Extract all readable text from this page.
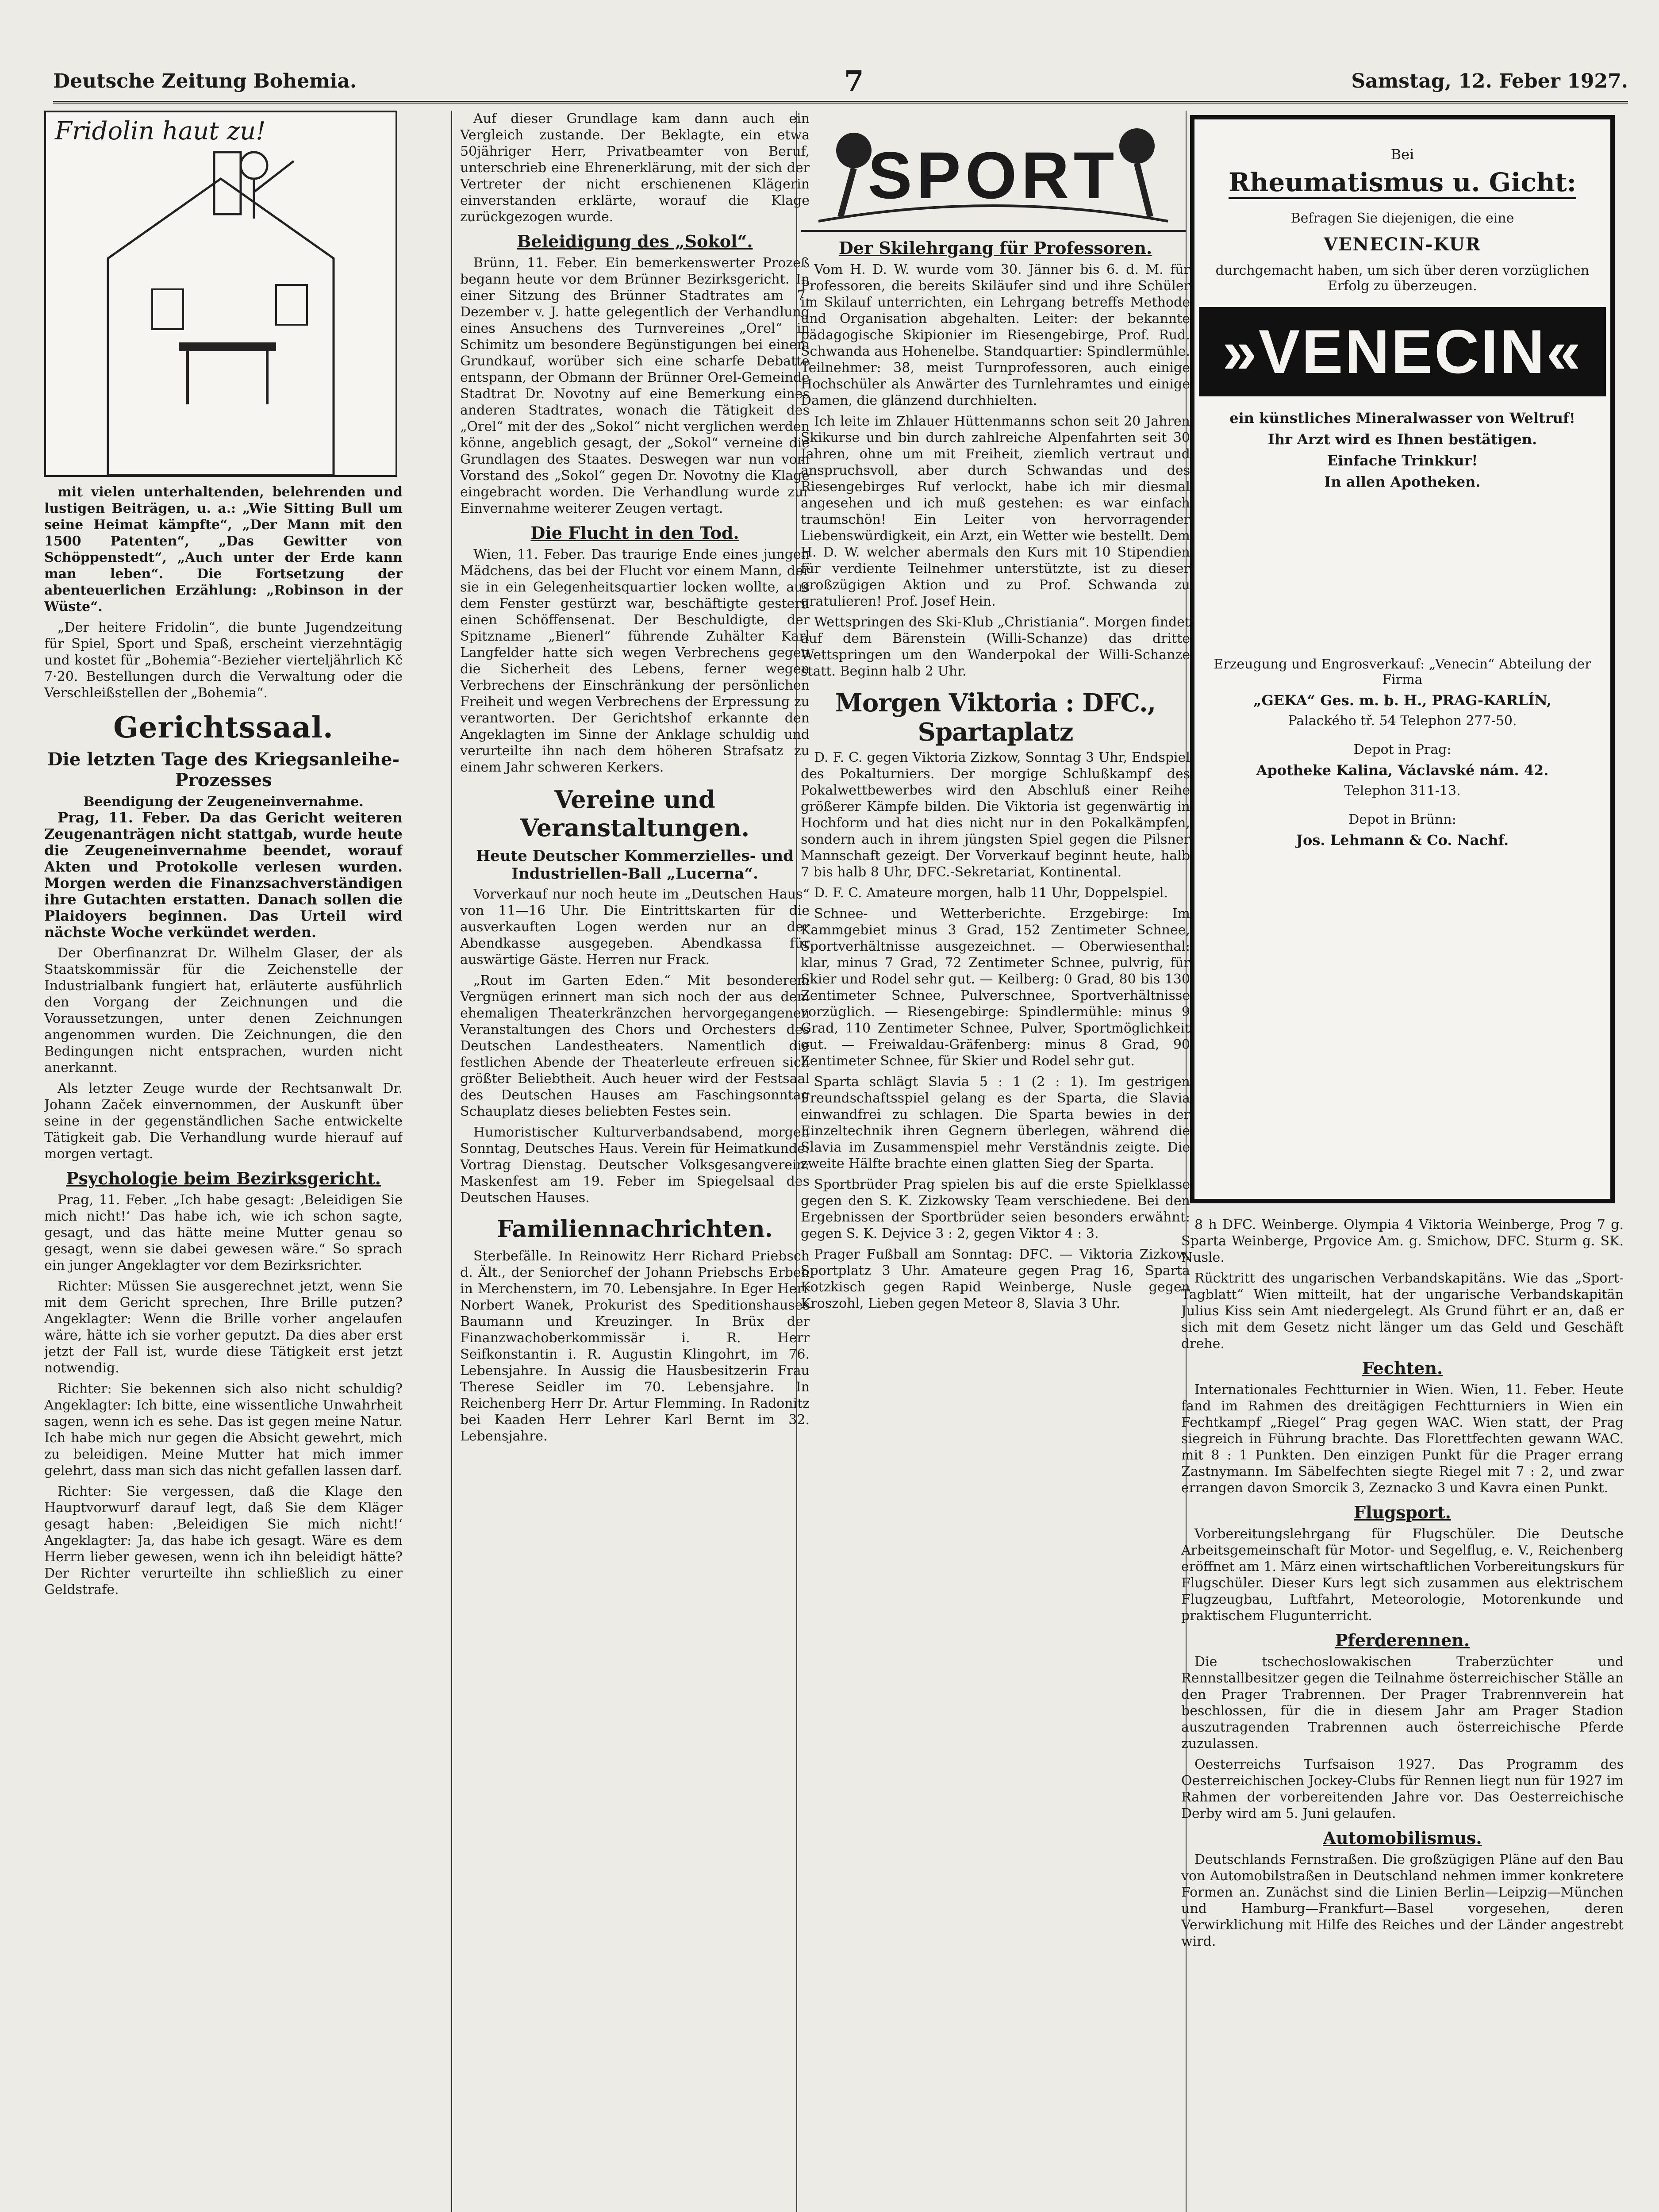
Deutsche Zeitung Bohemia.	7	Samstag, 12. Feber 1927.
Fridolin haut zu!

mit vielen unterhaltenden, belehrenden und lustigen Beiträgen, u. a.: „Wie Sitting Bull um seine Heimat kämpfte“, „Der Mann mit den 1500 Patenten“, „Das Gewitter von Schöppenstedt“, „Auch unter der Erde kann man leben“. Die Fortsetzung der abenteuerlichen Erzählung: „Robinson in der Wüste“.

„Der heitere Fridolin“, die bunte Jugendzeitung für Spiel, Sport und Spaß, erscheint vierzehntägig und kostet für „Bohemia“-Bezieher vierteljährlich Kč 7·20. Bestellungen durch die Verwaltung oder die Verschleißstellen der „Bohemia“.

Gerichtssaal.
Die letzten Tage des Kriegsanleihe-Prozesses
Beendigung der Zeugeneinvernahme.

Prag, 11. Feber. Da das Gericht weiteren Zeugenanträgen nicht stattgab, wurde heute die Zeugeneinvernahme beendet, worauf Akten und Protokolle verlesen wurden. Morgen werden die Finanzsachverständigen ihre Gutachten erstatten. Danach sollen die Plaidoyers beginnen. Das Urteil wird nächste Woche verkündet werden.

Der Oberfinanzrat Dr. Wilhelm Glaser, der als Staatskommissär für die Zeichenstelle der Industrialbank fungiert hat, erläuterte ausführlich den Vorgang der Zeichnungen und die Voraussetzungen, unter denen Zeichnungen angenommen wurden. Die Zeichnungen, die den Bedingungen nicht entsprachen, wurden nicht anerkannt.

Als letzter Zeuge wurde der Rechtsanwalt Dr. Johann Začek einvernommen, der Auskunft über seine in der gegenständlichen Sache entwickelte Tätigkeit gab. Die Verhandlung wurde hierauf auf morgen vertagt.

Psychologie beim Bezirksgericht.

Prag, 11. Feber. „Ich habe gesagt: ‚Beleidigen Sie mich nicht!‘ Das habe ich, wie ich schon sagte, gesagt, und das hätte meine Mutter genau so gesagt, wenn sie dabei gewesen wäre.“ So sprach ein junger Angeklagter vor dem Bezirksrichter.

Richter: Müssen Sie ausgerechnet jetzt, wenn Sie mit dem Gericht sprechen, Ihre Brille putzen? Angeklagter: Wenn die Brille vorher angelaufen wäre, hätte ich sie vorher geputzt. Da dies aber erst jetzt der Fall ist, wurde diese Tätigkeit erst jetzt notwendig.

Richter: Sie bekennen sich also nicht schuldig? Angeklagter: Ich bitte, eine wissentliche Unwahrheit sagen, wenn ich es sehe. Das ist gegen meine Natur. Ich habe mich nur gegen die Absicht gewehrt, mich zu beleidigen. Meine Mutter hat mich immer gelehrt, dass man sich das nicht gefallen lassen darf.

Richter: Sie vergessen, daß die Klage den Hauptvorwurf darauf legt, daß Sie dem Kläger gesagt haben: ‚Beleidigen Sie mich nicht!‘ Angeklagter: Ja, das habe ich gesagt. Wäre es dem Herrn lieber gewesen, wenn ich ihn beleidigt hätte? Der Richter verurteilte ihn schließlich zu einer Geldstrafe.

Auf dieser Grundlage kam dann auch ein Vergleich zustande. Der Beklagte, ein etwa 50jähriger Herr, Privatbeamter von Beruf, unterschrieb eine Ehrenerklärung, mit der sich der Vertreter der nicht erschienenen Klägerin einverstanden erklärte, worauf die Klage zurückgezogen wurde.

Beleidigung des „Sokol“.

Brünn, 11. Feber. Ein bemerkenswerter Prozeß begann heute vor dem Brünner Bezirksgericht. In einer Sitzung des Brünner Stadtrates am 7. Dezember v. J. hatte gelegentlich der Verhandlung eines Ansuchens des Turnvereines „Orel“ in Schimitz um besondere Begünstigungen bei einem Grundkauf, worüber sich eine scharfe Debatte entspann, der Obmann der Brünner Orel-Gemeinde Stadtrat Dr. Novotny auf eine Bemerkung eines anderen Stadtrates, wonach die Tätigkeit des „Orel“ mit der des „Sokol“ nicht verglichen werden könne, angeblich gesagt, der „Sokol“ verneine die Grundlagen des Staates. Deswegen war nun vom Vorstand des „Sokol“ gegen Dr. Novotny die Klage eingebracht worden. Die Verhandlung wurde zur Einvernahme weiterer Zeugen vertagt.

Die Flucht in den Tod.

Wien, 11. Feber. Das traurige Ende eines jungen Mädchens, das bei der Flucht vor einem Mann, der sie in ein Gelegenheitsquartier locken wollte, aus dem Fenster gestürzt war, beschäftigte gestern einen Schöffensenat. Der Beschuldigte, der Spitzname „Bienerl“ führende Zuhälter Karl Langfelder hatte sich wegen Verbrechens gegen die Sicherheit des Lebens, ferner wegen Verbrechens der Einschränkung der persönlichen Freiheit und wegen Verbrechens der Erpressung zu verantworten. Der Gerichtshof erkannte den Angeklagten im Sinne der Anklage schuldig und verurteilte ihn nach dem höheren Strafsatz zu einem Jahr schweren Kerkers.

Vereine und Veranstaltungen.
Heute Deutscher Kommerzielles- und Industriellen-Ball „Lucerna“.

Vorverkauf nur noch heute im „Deutschen Haus“ von 11—16 Uhr. Die Eintrittskarten für die ausverkauften Logen werden nur an der Abendkasse ausgegeben. Abendkassa für auswärtige Gäste. Herren nur Frack.

„Rout im Garten Eden.“ Mit besonderem Vergnügen erinnert man sich noch der aus dem ehemaligen Theaterkränzchen hervorgegangenen Veranstaltungen des Chors und Orchesters des Deutschen Landestheaters. Namentlich die festlichen Abende der Theaterleute erfreuen sich größter Beliebtheit. Auch heuer wird der Festsaal des Deutschen Hauses am Faschingsonntag Schauplatz dieses beliebten Festes sein.

Humoristischer Kulturverbandsabend, morgen Sonntag, Deutsches Haus. Verein für Heimatkunde: Vortrag Dienstag. Deutscher Volksgesangverein: Maskenfest am 19. Feber im Spiegelsaal des Deutschen Hauses.

Familiennachrichten.

Sterbefälle. In Reinowitz Herr Richard Priebsch d. Ält., der Seniorchef der Johann Priebschs Erben in Merchenstern, im 70. Lebensjahre. In Eger Herr Norbert Wanek, Prokurist des Speditionshauses Baumann und Kreuzinger. In Brüx der Finanzwachoberkommissär i. R. Herr Seifkonstantin i. R. Augustin Klingohrt, im 76. Lebensjahre. In Aussig die Hausbesitzerin Frau Therese Seidler im 70. Lebensjahre. In Reichenberg Herr Dr. Artur Flemming. In Radonitz bei Kaaden Herr Lehrer Karl Bernt im 32. Lebensjahre.

SPORT
Der Skilehrgang für Professoren.

Vom H. D. W. wurde vom 30. Jänner bis 6. d. M. für Professoren, die bereits Skiläufer sind und ihre Schüler im Skilauf unterrichten, ein Lehrgang betreffs Methode und Organisation abgehalten. Leiter: der bekannte pädagogische Skipionier im Riesengebirge, Prof. Rud. Schwanda aus Hohenelbe. Standquartier: Spindlermühle. Teilnehmer: 38, meist Turnprofessoren, auch einige Hochschüler als Anwärter des Turnlehramtes und einige Damen, die glänzend durchhielten.

Ich leite im Zhlauer Hüttenmanns schon seit 20 Jahren Skikurse und bin durch zahlreiche Alpenfahrten seit 30 Jahren, ohne um mit Freiheit, ziemlich vertraut und anspruchsvoll, aber durch Schwandas und des Riesengebirges Ruf verlockt, habe ich mir diesmal angesehen und ich muß gestehen: es war einfach traumschön! Ein Leiter von hervorragender Liebenswürdigkeit, ein Arzt, ein Wetter wie bestellt. Dem H. D. W. welcher abermals den Kurs mit 10 Stipendien für verdiente Teilnehmer unterstützte, ist zu dieser großzügigen Aktion und zu Prof. Schwanda zu gratulieren! Prof. Josef Hein.

Wettspringen des Ski-Klub „Christiania“. Morgen findet auf dem Bärenstein (Willi-Schanze) das dritte Wettspringen um den Wanderpokal der Willi-Schanze statt. Beginn halb 2 Uhr.

Morgen Viktoria : DFC., Spartaplatz

D. F. C. gegen Viktoria Zizkow, Sonntag 3 Uhr, Endspiel des Pokalturniers. Der morgige Schlußkampf des Pokalwettbewerbes wird den Abschluß einer Reihe größerer Kämpfe bilden. Die Viktoria ist gegenwärtig in Hochform und hat dies nicht nur in den Pokalkämpfen, sondern auch in ihrem jüngsten Spiel gegen die Pilsner Mannschaft gezeigt. Der Vorverkauf beginnt heute, halb 7 bis halb 8 Uhr, DFC.-Sekretariat, Kontinental.

D. F. C. Amateure morgen, halb 11 Uhr, Doppelspiel.

Schnee- und Wetterberichte. Erzgebirge: Im Kammgebiet minus 3 Grad, 152 Zentimeter Schnee, Sportverhältnisse ausgezeichnet. — Oberwiesenthal: klar, minus 7 Grad, 72 Zentimeter Schnee, pulvrig, für Skier und Rodel sehr gut. — Keilberg: 0 Grad, 80 bis 130 Zentimeter Schnee, Pulverschnee, Sportverhältnisse vorzüglich. — Riesengebirge: Spindlermühle: minus 9 Grad, 110 Zentimeter Schnee, Pulver, Sportmöglichkeit gut. — Freiwaldau-Gräfenberg: minus 8 Grad, 90 Zentimeter Schnee, für Skier und Rodel sehr gut.

Sparta schlägt Slavia 5 : 1 (2 : 1). Im gestrigen Freundschaftsspiel gelang es der Sparta, die Slavia einwandfrei zu schlagen. Die Sparta bewies in der Einzeltechnik ihren Gegnern überlegen, während die Slavia im Zusammenspiel mehr Verständnis zeigte. Die zweite Hälfte brachte einen glatten Sieg der Sparta.

Sportbrüder Prag spielen bis auf die erste Spielklasse gegen den S. K. Zizkowsky Team verschiedene. Bei den Ergebnissen der Sportbrüder seien besonders erwähnt: gegen S. K. Dejvice 3 : 2, gegen Viktor 4 : 3.

Prager Fußball am Sonntag: DFC. — Viktoria Zizkow, Sportplatz 3 Uhr. Amateure gegen Prag 16, Sparta Kotzkisch gegen Rapid Weinberge, Nusle gegen Kroszohl, Lieben gegen Meteor 8, Slavia 3 Uhr.

Bei
Rheumatismus u. Gicht:
Befragen Sie diejenigen, die eine
VENECIN-KUR
durchgemacht haben, um sich über deren vorzüglichen Erfolg zu überzeugen.
»VENECIN«
ein künstliches Mineralwasser von Weltruf!
Ihr Arzt wird es Ihnen bestätigen.
Einfache Trinkkur!
In allen Apotheken.
Erzeugung und Engrosverkauf: „Venecin“ Abteilung der Firma
„GEKA“ Ges. m. b. H., PRAG-KARLÍN,
Palackého tř. 54 Telephon 277-50.
Depot in Prag:
Apotheke Kalina, Václavské nám. 42.
Telephon 311-13.
Depot in Brünn:
Jos. Lehmann & Co. Nachf.

8 h DFC. Weinberge. Olympia 4 Viktoria Weinberge, Prog 7 g. Sparta Weinberge, Prgovice Am. g. Smichow, DFC. Sturm g. SK. Nusle.

Rücktritt des ungarischen Verbandskapitäns. Wie das „Sport-Tagblatt“ Wien mitteilt, hat der ungarische Verbandskapitän Julius Kiss sein Amt niedergelegt. Als Grund führt er an, daß er sich mit dem Gesetz nicht länger um das Geld und Geschäft drehe.

Fechten.

Internationales Fechtturnier in Wien. Wien, 11. Feber. Heute fand im Rahmen des dreitägigen Fechtturniers in Wien ein Fechtkampf „Riegel“ Prag gegen WAC. Wien statt, der Prag siegreich in Führung brachte. Das Florettfechten gewann WAC. mit 8 : 1 Punkten. Den einzigen Punkt für die Prager errang Zastnymann. Im Säbelfechten siegte Riegel mit 7 : 2, und zwar errangen davon Smorcik 3, Zeznacko 3 und Kavra einen Punkt.

Flugsport.

Vorbereitungslehrgang für Flugschüler. Die Deutsche Arbeitsgemeinschaft für Motor- und Segelflug, e. V., Reichenberg eröffnet am 1. März einen wirtschaftlichen Vorbereitungskurs für Flugschüler. Dieser Kurs legt sich zusammen aus elektrischem Flugzeugbau, Luftfahrt, Meteorologie, Motorenkunde und praktischem Flugunterricht.

Pferderennen.

Die tschechoslowakischen Traberzüchter und Rennstallbesitzer gegen die Teilnahme österreichischer Ställe an den Prager Trabrennen. Der Prager Trabrennverein hat beschlossen, für die in diesem Jahr am Prager Stadion auszutragenden Trabrennen auch österreichische Pferde zuzulassen.

Oesterreichs Turfsaison 1927. Das Programm des Oesterreichischen Jockey-Clubs für Rennen liegt nun für 1927 im Rahmen der vorbereitenden Jahre vor. Das Oesterreichische Derby wird am 5. Juni gelaufen.

Automobilismus.

Deutschlands Fernstraßen. Die großzügigen Pläne auf den Bau von Automobilstraßen in Deutschland nehmen immer konkretere Formen an. Zunächst sind die Linien Berlin—Leipzig—München und Hamburg—Frankfurt—Basel vorgesehen, deren Verwirklichung mit Hilfe des Reiches und der Länder angestrebt wird.
